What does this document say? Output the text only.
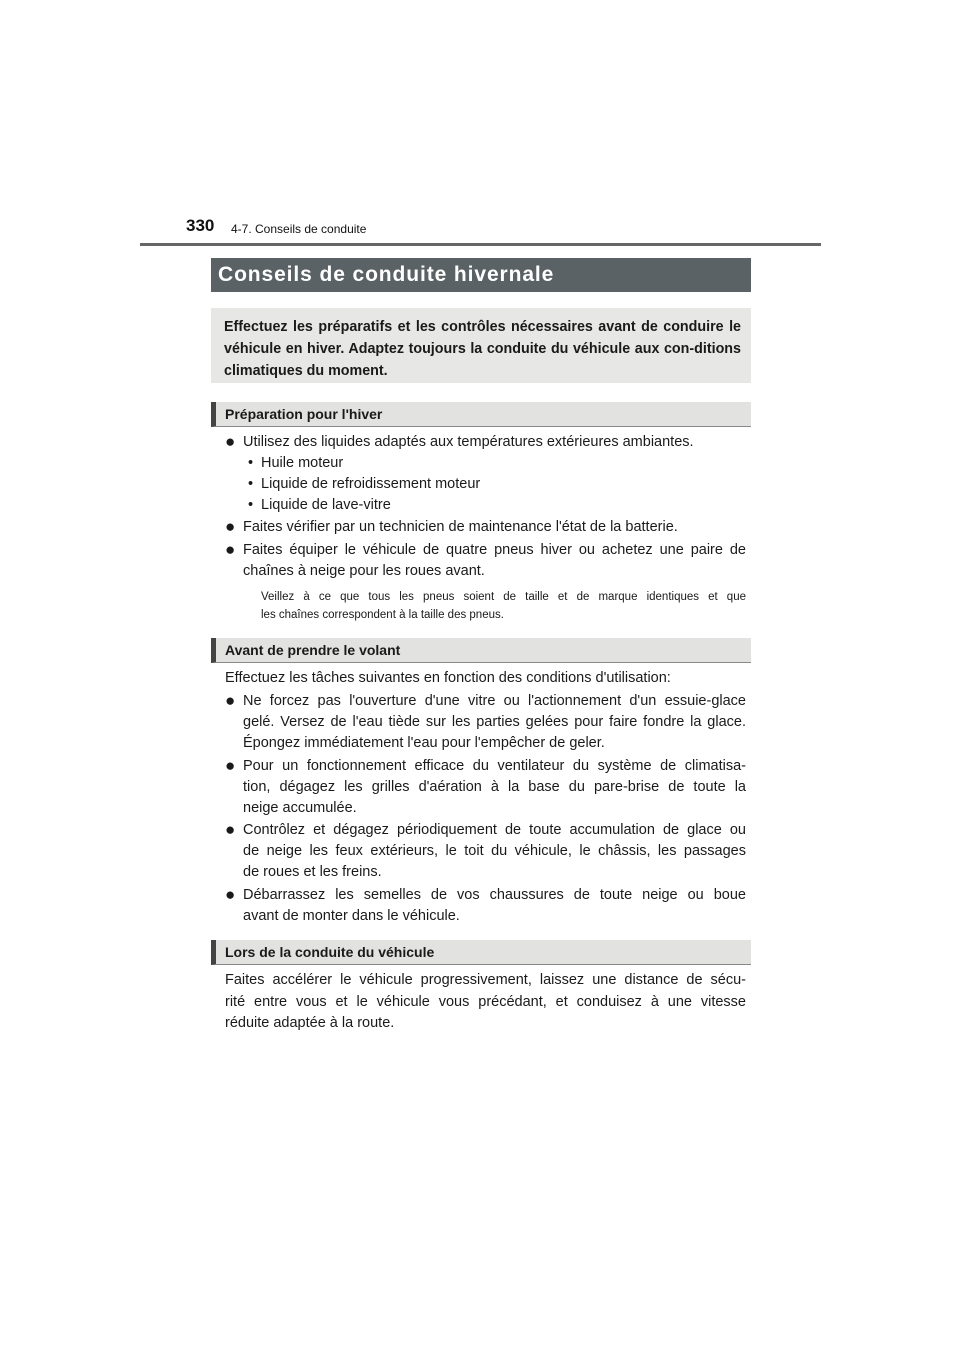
330 4-7. Conseils de conduite
Conseils de conduite hivernale
Effectuez les préparatifs et les contrôles nécessaires avant de conduire le véhicule en hiver. Adaptez toujours la conduite du véhicule aux con-ditions climatiques du moment.
Préparation pour l'hiver
● Utilisez des liquides adaptés aux températures extérieures ambiantes.
• Huile moteur
• Liquide de refroidissement moteur
• Liquide de lave-vitre
● Faites vérifier par un technicien de maintenance l'état de la batterie.
● Faites équiper le véhicule de quatre pneus hiver ou achetez une paire de
chaînes à neige pour les roues avant.
Veillez à ce que tous les pneus soient de taille et de marque identiques et que
les chaînes correspondent à la taille des pneus.
Avant de prendre le volant
Effectuez les tâches suivantes en fonction des conditions d'utilisation:
● Ne forcez pas l'ouverture d'une vitre ou l'actionnement d'un essuie-glace
gelé. Versez de l'eau tiède sur les parties gelées pour faire fondre la glace.
Épongez immédiatement l'eau pour l'empêcher de geler.
● Pour un fonctionnement efficace du ventilateur du système de climatisa-
tion, dégagez les grilles d'aération à la base du pare-brise de toute la
neige accumulée.
● Contrôlez et dégagez périodiquement de toute accumulation de glace ou
de neige les feux extérieurs, le toit du véhicule, le châssis, les passages
de roues et les freins.
● Débarrassez les semelles de vos chaussures de toute neige ou boue
avant de monter dans le véhicule.
Lors de la conduite du véhicule
Faites accélérer le véhicule progressivement, laissez une distance de sécu-
rité entre vous et le véhicule vous précédant, et conduisez à une vitesse
réduite adaptée à la route.
